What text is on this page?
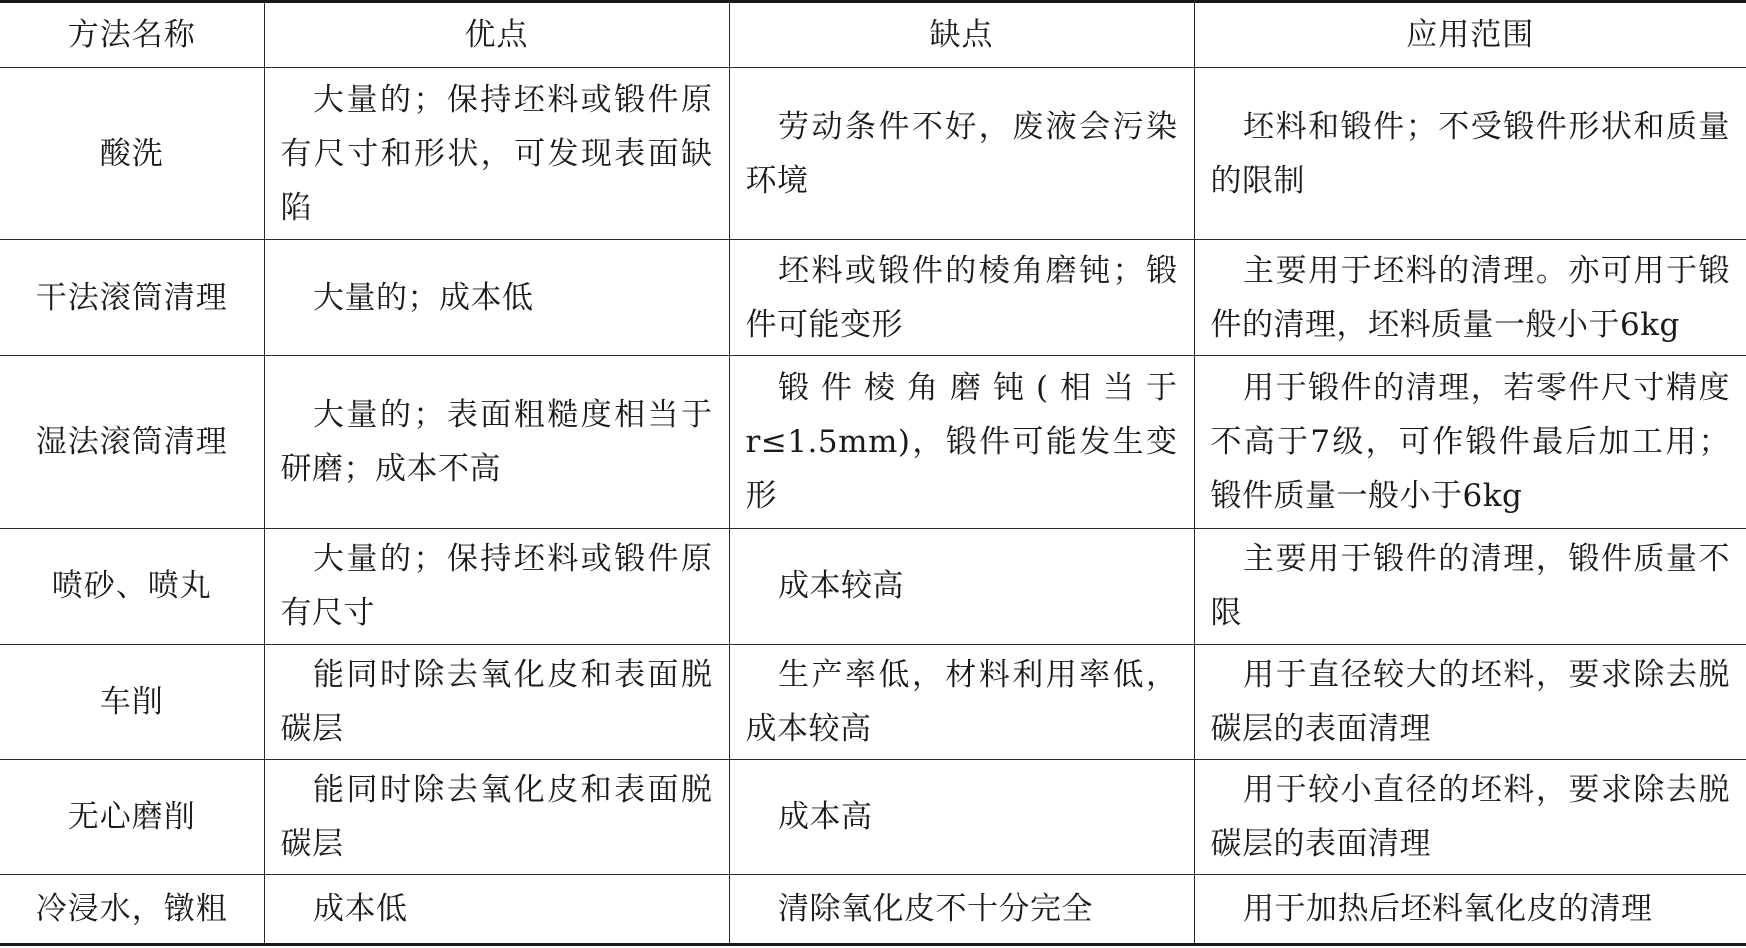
方法名称	优点	缺点	应用范围
酸洗	大量的；保持坯料或锻件原有尺寸和形状，可发现表面缺陷	劳动条件不好，废液会污染环境	坯料和锻件；不受锻件形状和质量的限制
干法滚筒清理	大量的；成本低	坯料或锻件的棱角磨钝；锻件可能变形	主要用于坯料的清理。亦可用于锻件的清理，坯料质量一般小于6kg
湿法滚筒清理	大量的；表面粗糙度相当于研磨；成本不高	锻件棱角磨钝(相当于r≤1.5mm)，锻件可能发生变形	用于锻件的清理，若零件尺寸精度不高于7级，可作锻件最后加工用；锻件质量一般小于6kg
喷砂、喷丸	大量的；保持坯料或锻件原有尺寸	成本较高	主要用于锻件的清理，锻件质量不限
车削	能同时除去氧化皮和表面脱碳层	生产率低，材料利用率低，成本较高	用于直径较大的坯料，要求除去脱碳层的表面清理
无心磨削	能同时除去氧化皮和表面脱碳层	成本高	用于较小直径的坯料，要求除去脱碳层的表面清理
冷浸水，镦粗	成本低	清除氧化皮不十分完全	用于加热后坯料氧化皮的清理
